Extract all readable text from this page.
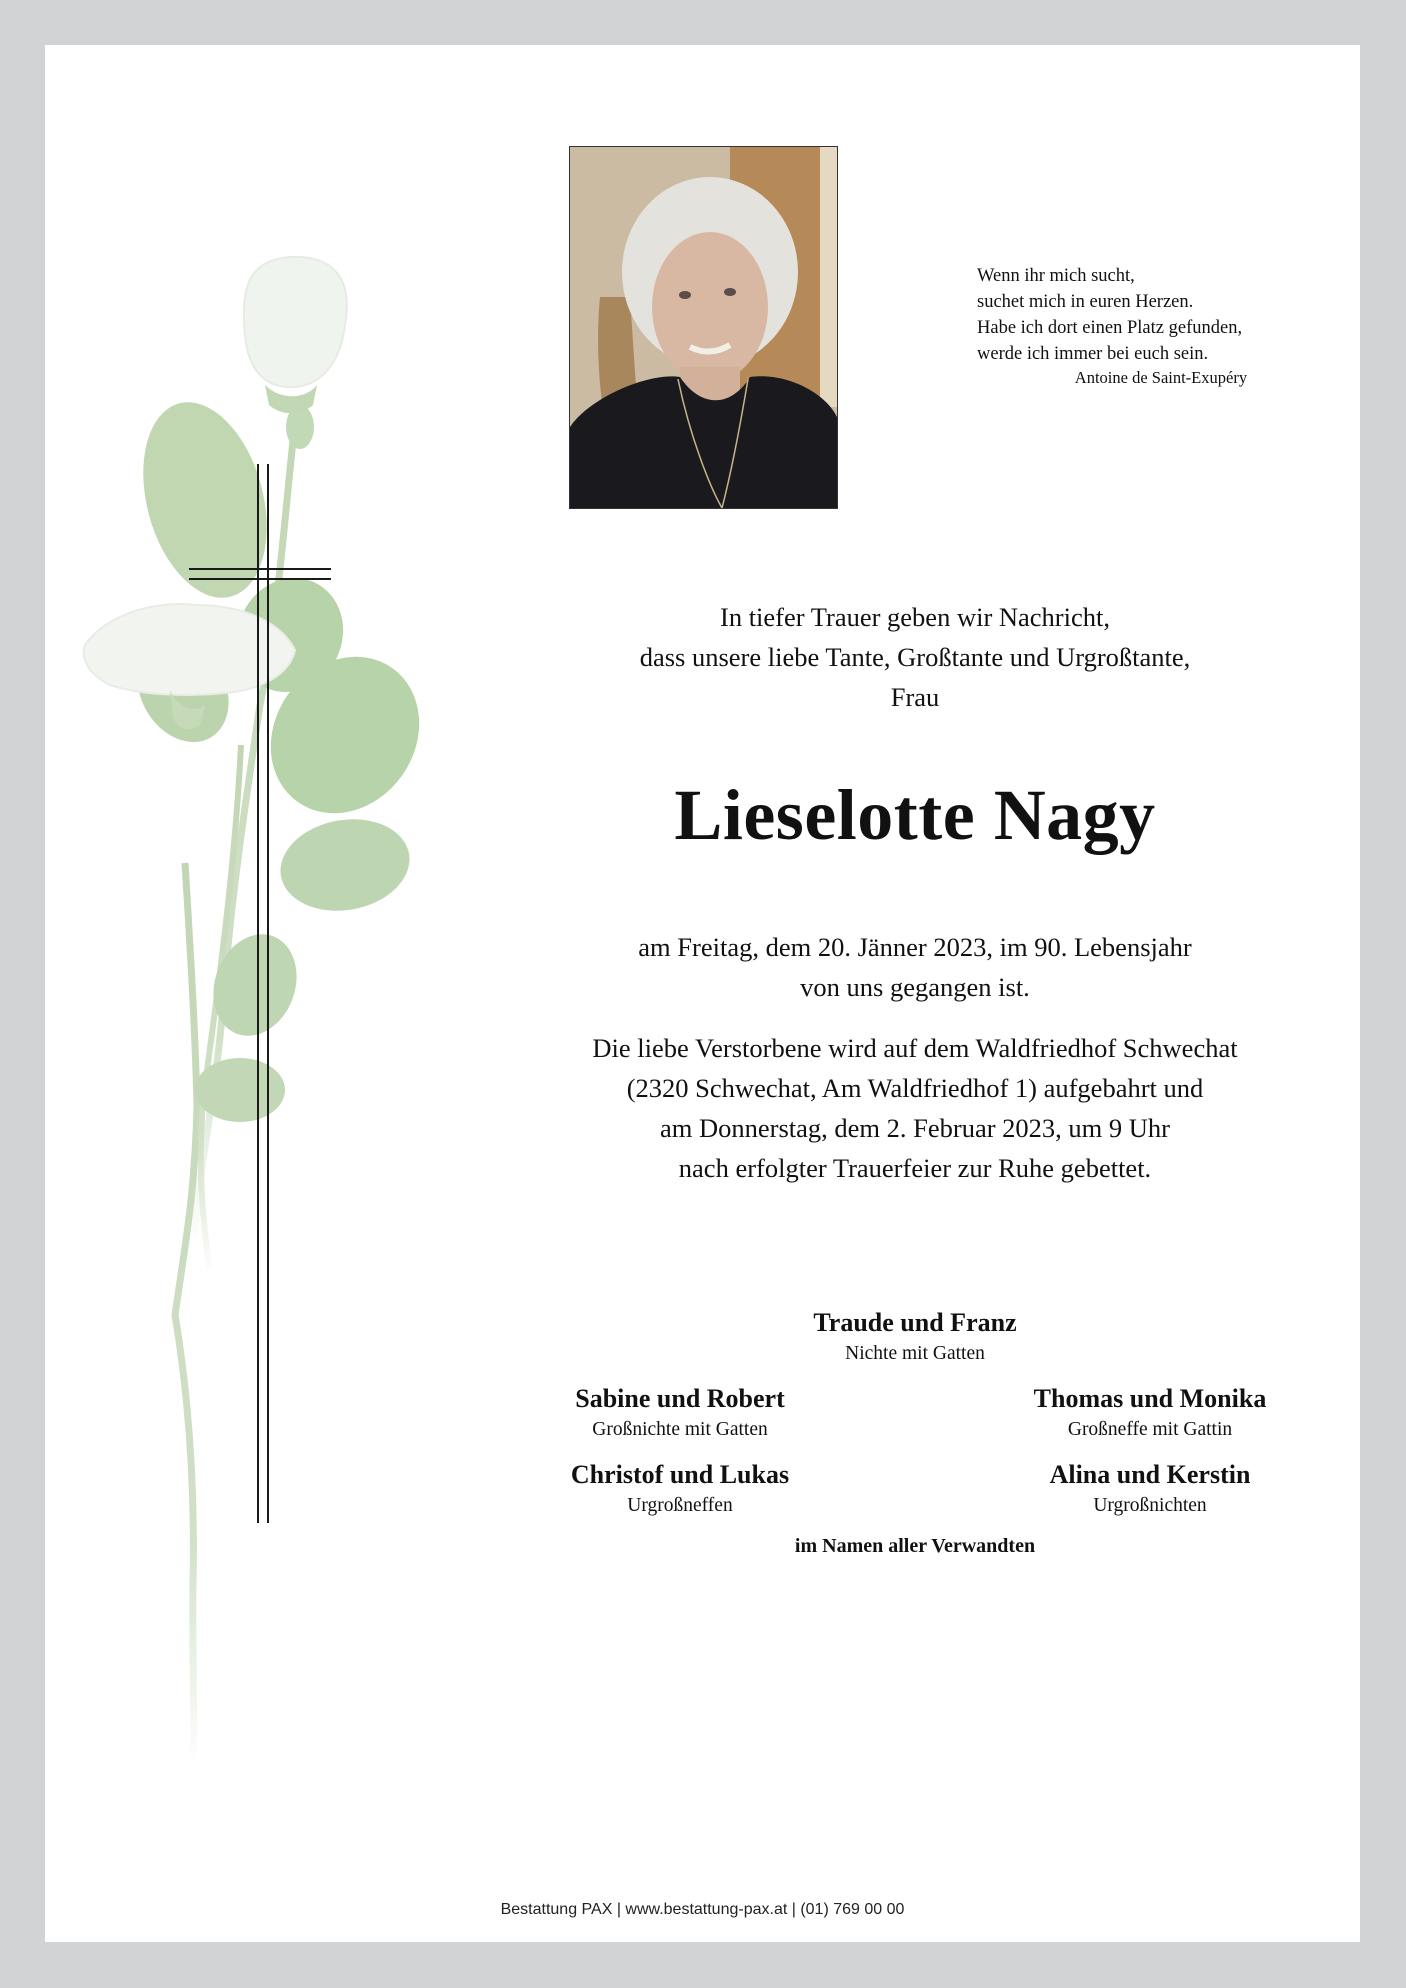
Wenn ihr mich sucht,
suchet mich in euren Herzen.
Habe ich dort einen Platz gefunden,
werde ich immer bei euch sein.
Antoine de Saint-Exupéry
In tiefer Trauer geben wir Nachricht,
dass unsere liebe Tante, Großtante und Urgroßtante,
Frau
Lieselotte Nagy
am Freitag, dem 20. Jänner 2023, im 90. Lebensjahr
von uns gegangen ist.
Die liebe Verstorbene wird auf dem Waldfriedhof Schwechat
(2320 Schwechat, Am Waldfriedhof 1) aufgebahrt und
am Donnerstag, dem 2. Februar 2023, um 9 Uhr
nach erfolgter Trauerfeier zur Ruhe gebettet.
Traude und Franz
Nichte mit Gatten
Sabine und Robert
Großnichte mit Gatten
Thomas und Monika
Großneffe mit Gattin
Christof und Lukas
Urgroßneffen
Alina und Kerstin
Urgroßnichten
im Namen aller Verwandten
Bestattung PAX | www.bestattung-pax.at | (01) 769 00 00
